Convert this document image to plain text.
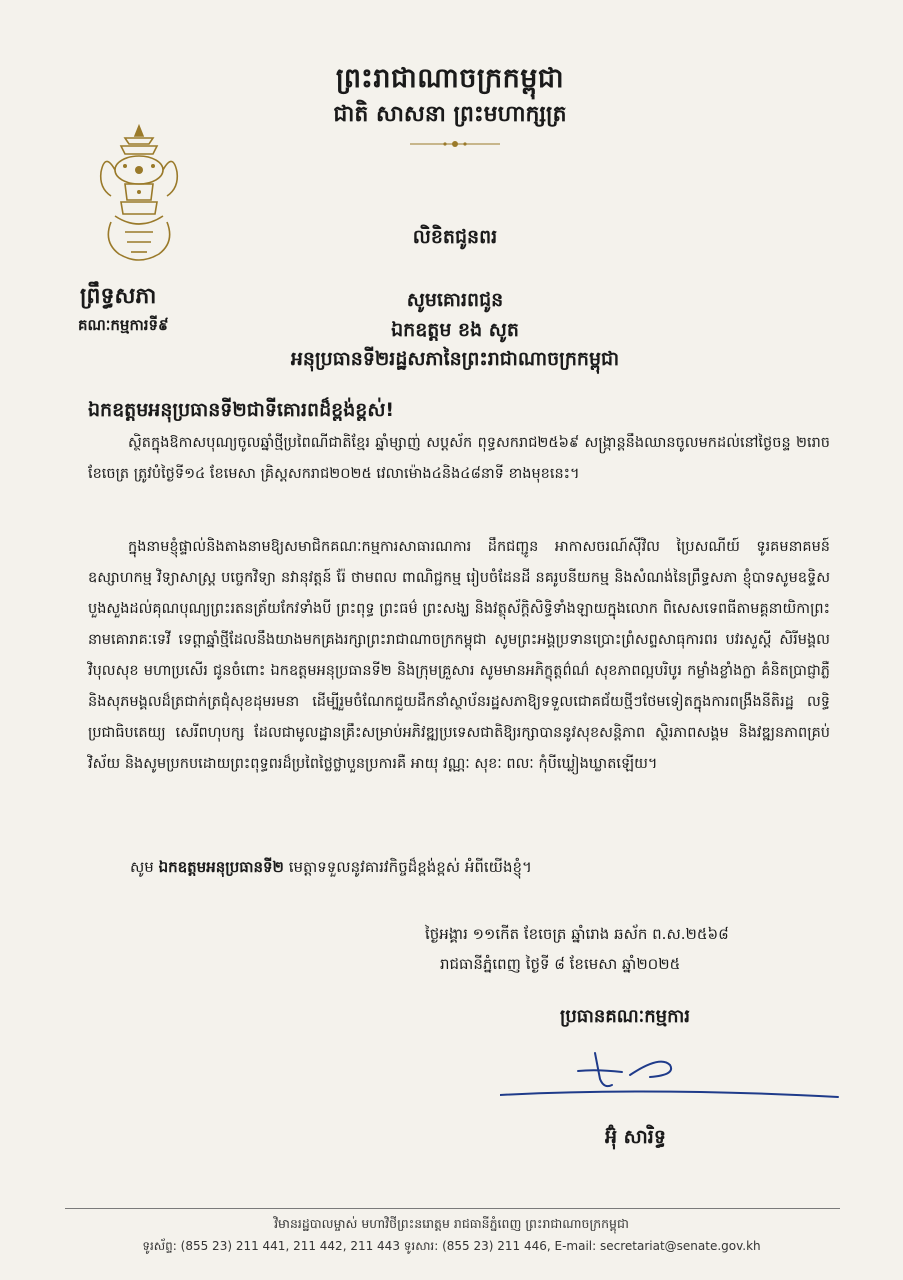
ព្រះរាជាណាចក្រកម្ពុជា
ជាតិ សាសនា ព្រះមហាក្សត្រ
ព្រឹទ្ធសភា
គណៈកម្មការទី៩
លិខិតជូនពរ
សូមគោរពជូន
ឯកឧត្តម ខង សូត
អនុប្រធានទី២រដ្ឋសភានៃព្រះរាជាណាចក្រកម្ពុជា
ឯកឧត្តមអនុប្រធានទី២ជាទីគោរពដ៏ខ្ពង់ខ្ពស់!
ស្ថិតក្នុងឱកាសបុណ្យចូលឆ្នាំថ្មីប្រពៃណីជាតិខ្មែរ ឆ្នាំម្សាញ់ សប្តស័ក ពុទ្ធសករាជ២៥៦៩ សង្ក្រាន្តនឹងឈានចូលមកដល់នៅថ្ងៃចន្ទ ២រោច ខែចេត្រ ត្រូវបំថ្ងៃទី១៤ ខែមេសា គ្រិស្តសករាជ២០២៥ វេលាម៉ោង៤និង៤៨នាទី ខាងមុខនេះ។
ក្នុងនាមខ្ញុំផ្ទាល់និងតាងនាមឱ្យសមាជិកគណៈកម្មការសាធារណការ ដឹកជញ្ជូន អាកាសចរណ៍ស៊ីវិល ប្រៃសណីយ៍ ទូរគមនាគមន៍ ឧស្សាហកម្ម វិទ្យាសាស្ត្រ បច្ចេកវិទ្យា នវានុវត្តន៍ រ៉ែ ថាមពល ពាណិជ្ជកម្ម រៀបចំដែនដី នគរូបនីយកម្ម និងសំណង់នៃព្រឹទ្ធសភា ខ្ញុំបាទសូមឧទ្ទិសបួងសួងដល់គុណបុណ្យព្រះរតនត្រ័យកែវទាំងបី ព្រះពុទ្ធ ព្រះធម៌ ព្រះសង្ឃ និងវត្ថុស័ក្តិសិទ្ធិទាំងឡាយក្នុងលោក ពិសេសទេពធីតាមគ្គនាយិកាព្រះនាមគោរាគៈទេវី ទេព្តាឆ្នាំថ្មីដែលនឹងយាងមកគ្រងរក្សាព្រះរាជាណាចក្រកម្ពុជា សូមព្រះអង្គប្រទានប្រោះព្រំសព្ទសាធុការពរ បវរសួស្តី សិរីមង្គល វិបុលសុខ មហាប្រសើរ ជូនចំពោះ ឯកឧត្តមអនុប្រធានទី២ និងក្រុមគ្រួសារ សូមមានអភិក្ខុត្តព៌ណ៌ សុខភាពល្អបរិបូរ កម្លាំងខ្លាំងក្លា គំនិតប្រាជ្ញាភ្លឺ និងសុភមង្គលដ៏ត្រជាក់ត្រជុំសុខដុមរមនា ដើម្បីរួមចំណែកជួយដឹកនាំស្ថាប័នរដ្ឋសភាឱ្យទទួលជោគជ័យថ្មីៗថែមទៀតក្នុងការពង្រឹងនីតិរដ្ឋ លទ្ធិប្រជាធិបតេយ្យ សេរីពហុបក្ស ដែលជាមូលដ្ឋានគ្រឹះសម្រាប់អភិវឌ្ឍប្រទេសជាតិឱ្យរក្សាបាននូវសុខសន្តិភាព ស្ថិរភាពសង្គម និងវឌ្ឍនភាពគ្រប់វិស័យ និងសូមប្រកបដោយព្រះពុទ្ធពរដ៏ប្រពៃថ្លៃថ្លាបួនប្រការគឺ អាយុ វណ្ណៈ សុខៈ ពលៈ កុំបីឃ្លៀងឃ្លាតឡើយ។
សូម ឯកឧត្តមអនុប្រធានទី២ មេត្តាទទួលនូវគារវកិច្ចដ៏ខ្ពង់ខ្ពស់ អំពីយើងខ្ញុំ។
ថ្ងៃអង្គារ ១១កើត ខែចេត្រ ឆ្នាំរោង ឆស័ក ព.ស.២៥៦៨
រាជធានីភ្នំពេញ ថ្ងៃទី ៨ ខែមេសា ឆ្នាំ២០២៥
ប្រធានគណៈកម្មការ
អ៊ុំ សារិទ្ធ
វិមានរដ្ឋបាលម្ចាស់ មហាវិថីព្រះនរោត្តម រាជធានីភ្នំពេញ ព្រះរាជាណាចក្រកម្ពុជា
ទូរស័ព្ទ: (855 23) 211 441, 211 442, 211 443 ទូរសារ: (855 23) 211 446, E-mail: secretariat@senate.gov.kh
